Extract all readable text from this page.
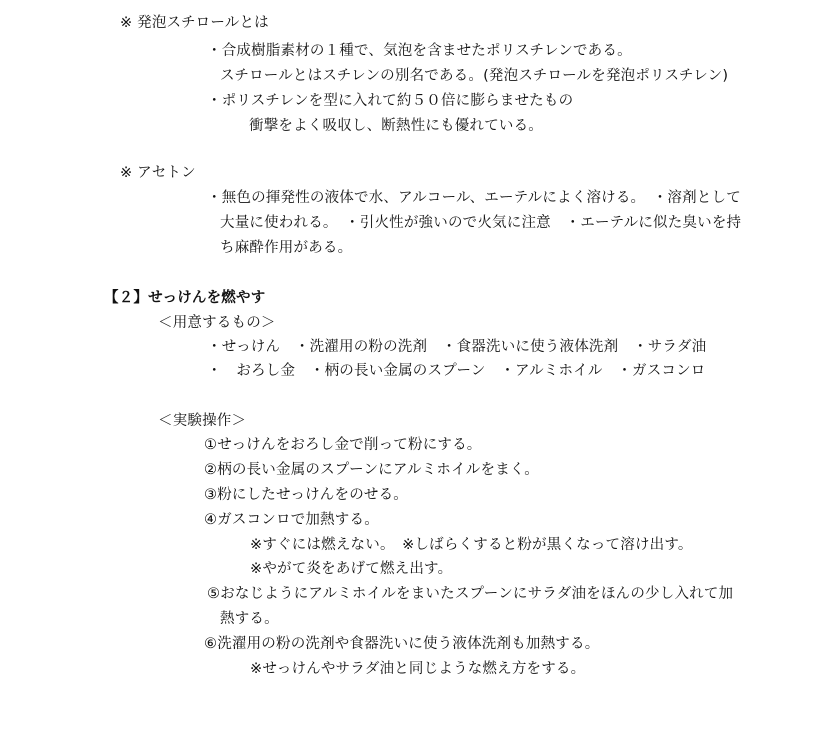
※ 発泡スチロールとは
・合成樹脂素材の１種で、気泡を含ませたポリスチレンである。
スチロールとはスチレンの別名である。(発泡スチロールを発泡ポリスチレン)
・ポリスチレンを型に入れて約５０倍に膨らませたもの
衝撃をよく吸収し、断熱性にも優れている。
※ アセトン
・無色の揮発性の液体で水、アルコール、エーテルによく溶ける。　・溶剤として
大量に使われる。　・引火性が強いので火気に注意　・エーテルに似た臭いを持
ち麻酔作用がある。
【２】せっけんを燃やす
＜用意するもの＞
・せっけん　・洗濯用の粉の洗剤　・食器洗いに使う液体洗剤　・サラダ油
・　おろし金　・柄の長い金属のスプーン　・アルミホイル　・ガスコンロ
＜実験操作＞
①せっけんをおろし金で削って粉にする。
②柄の長い金属のスプーンにアルミホイルをまく。
③粉にしたせっけんをのせる。
④ガスコンロで加熱する。
※すぐには燃えない。　※しばらくすると粉が黒くなって溶け出す。
※やがて炎をあげて燃え出す。
⑤おなじようにアルミホイルをまいたスプーンにサラダ油をほんの少し入れて加
熱する。
⑥洗濯用の粉の洗剤や食器洗いに使う液体洗剤も加熱する。
※せっけんやサラダ油と同じような燃え方をする。
